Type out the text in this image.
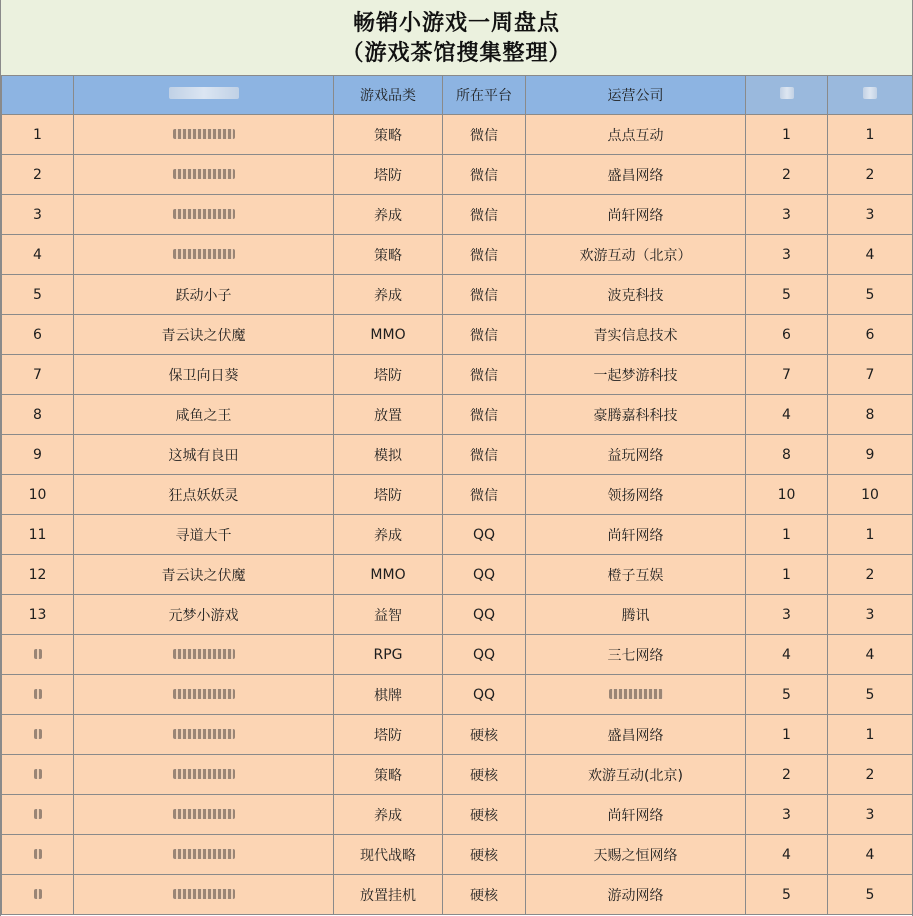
畅销小游戏一周盘点
（游戏茶馆搜集整理）
		游戏品类	所在平台	运营公司		
1		策略	微信	点点互动	1	1
2		塔防	微信	盛昌网络	2	2
3		养成	微信	尚轩网络	3	3
4		策略	微信	欢游互动（北京）	3	4
5	跃动小子	养成	微信	波克科技	5	5
6	青云诀之伏魔	MMO	微信	青实信息技术	6	6
7	保卫向日葵	塔防	微信	一起梦游科技	7	7
8	咸鱼之王	放置	微信	豪腾嘉科科技	4	8
9	这城有良田	模拟	微信	益玩网络	8	9
10	狂点妖妖灵	塔防	微信	领扬网络	10	10
11	寻道大千	养成	QQ	尚轩网络	1	1
12	青云诀之伏魔	MMO	QQ	橙子互娱	1	2
13	元梦小游戏	益智	QQ	腾讯	3	3
		RPG	QQ	三七网络	4	4
		棋牌	QQ		5	5
		塔防	硬核	盛昌网络	1	1
		策略	硬核	欢游互动(北京)	2	2
		养成	硬核	尚轩网络	3	3
		现代战略	硬核	天赐之恒网络	4	4
		放置挂机	硬核	游动网络	5	5
